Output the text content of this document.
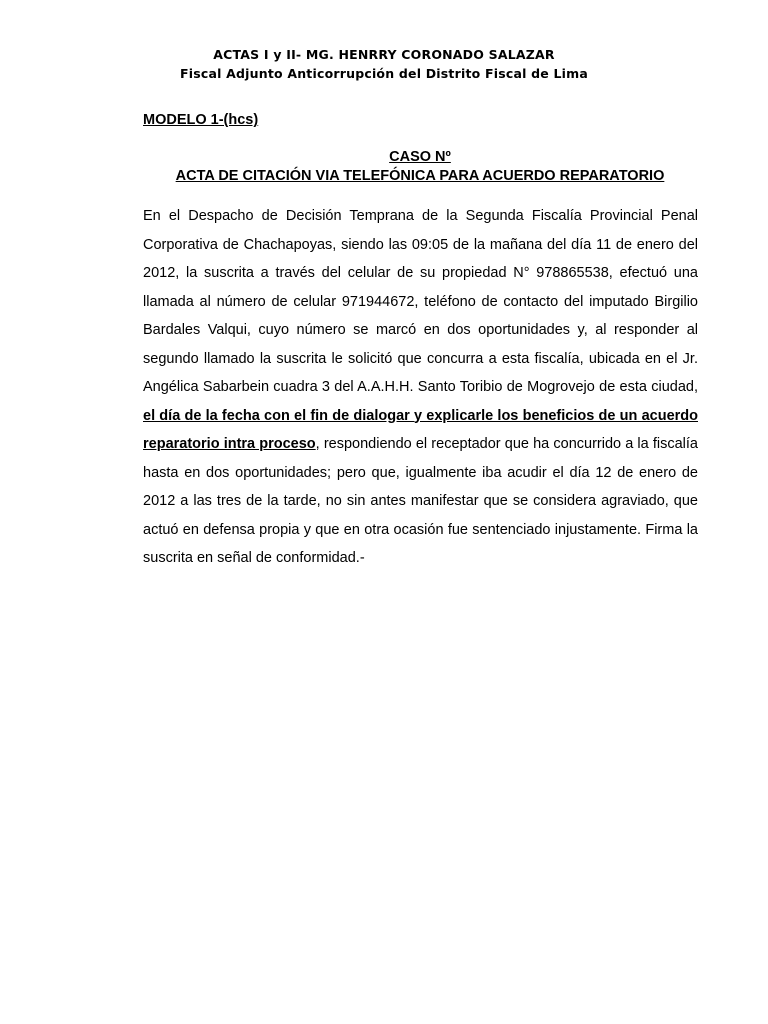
ACTAS I y II- MG. HENRRY CORONADO SALAZAR
Fiscal Adjunto Anticorrupción del Distrito Fiscal de Lima
MODELO 1-(hcs)
CASO Nº
ACTA DE CITACIÓN VIA TELEFÓNICA PARA ACUERDO REPARATORIO

En el Despacho de Decisión Temprana de la Segunda Fiscalía Provincial Penal Corporativa de Chachapoyas, siendo las 09:05 de la mañana del día 11 de enero del 2012, la suscrita a través del celular de su propiedad N° 978865538, efectuó una llamada al número de celular 971944672, teléfono de contacto del imputado Birgilio Bardales Valqui, cuyo número se marcó en dos oportunidades y, al responder al segundo llamado la suscrita le solicitó que concurra a esta fiscalía, ubicada en el Jr. Angélica Sabarbein cuadra 3 del A.A.H.H. Santo Toribio de Mogrovejo de esta ciudad, el día de la fecha con el fin de dialogar y explicarle los beneficios de un acuerdo reparatorio intra proceso, respondiendo el receptador que ha concurrido a la fiscalía hasta en dos oportunidades; pero que, igualmente iba acudir el día 12 de enero de 2012 a las tres de la tarde, no sin antes manifestar que se considera agraviado, que actuó en defensa propia y que en otra ocasión fue sentenciado injustamente. Firma la suscrita en señal de conformidad.-
